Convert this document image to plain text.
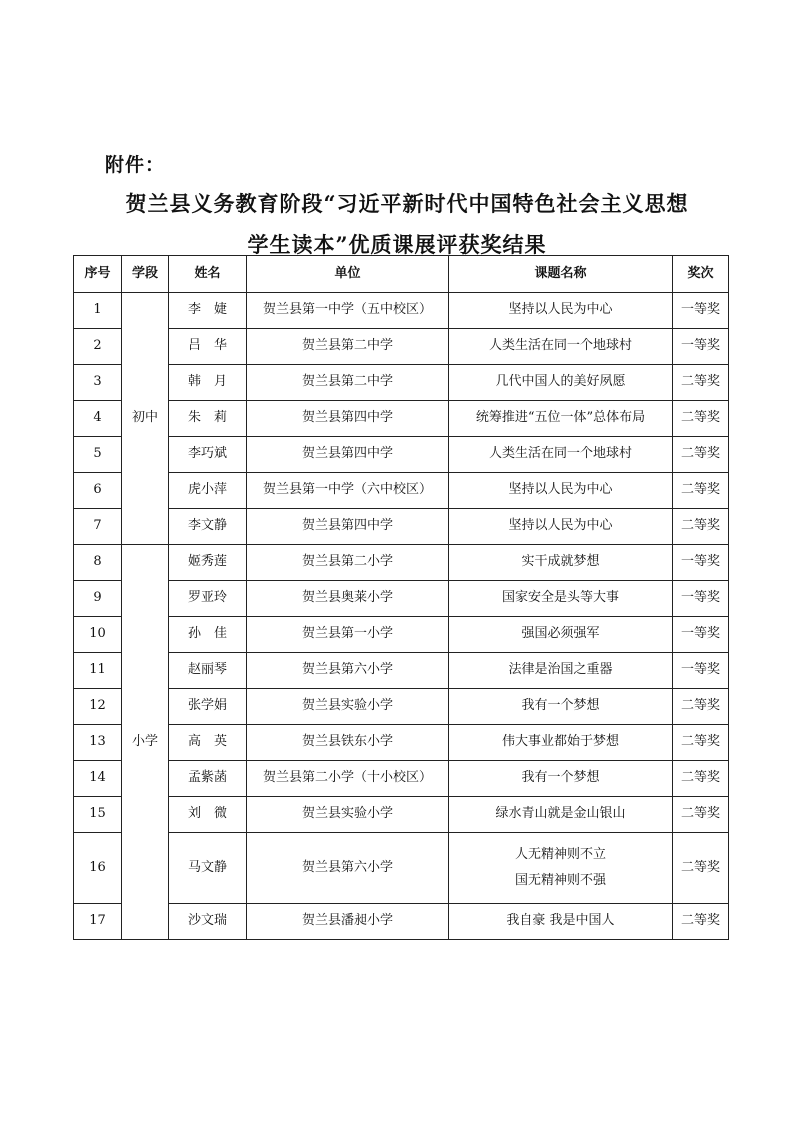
附件：
贺兰县义务教育阶段“习近平新时代中国特色社会主义思想
学生读本”优质课展评获奖结果
序号	学段	姓名	单位	课题名称	奖次
1	初中	李　婕	贺兰县第一中学（五中校区）	坚持以人民为中心	一等奖
2		吕　华	贺兰县第二中学	人类生活在同一个地球村	一等奖
3		韩　月	贺兰县第二中学	几代中国人的美好夙愿	二等奖
4		朱　莉	贺兰县第四中学	统筹推进“五位一体”总体布局	二等奖
5		李巧斌	贺兰县第四中学	人类生活在同一个地球村	二等奖
6		虎小萍	贺兰县第一中学（六中校区）	坚持以人民为中心	二等奖
7		李文静	贺兰县第四中学	坚持以人民为中心	二等奖
8	小学	姬秀莲	贺兰县第二小学	实干成就梦想	一等奖
9		罗亚玲	贺兰县奥莱小学	国家安全是头等大事	一等奖
10		孙　佳	贺兰县第一小学	强国必须强军	一等奖
11		赵丽琴	贺兰县第六小学	法律是治国之重器	一等奖
12		张学娟	贺兰县实验小学	我有一个梦想	二等奖
13		高　英	贺兰县铁东小学	伟大事业都始于梦想	二等奖
14		孟紫菡	贺兰县第二小学（十小校区）	我有一个梦想	二等奖
15		刘　微	贺兰县实验小学	绿水青山就是金山银山	二等奖
16		马文静	贺兰县第六小学	人无精神则不立
国无精神则不强	二等奖
17		沙文瑞	贺兰县潘昶小学	我自豪 我是中国人	二等奖
